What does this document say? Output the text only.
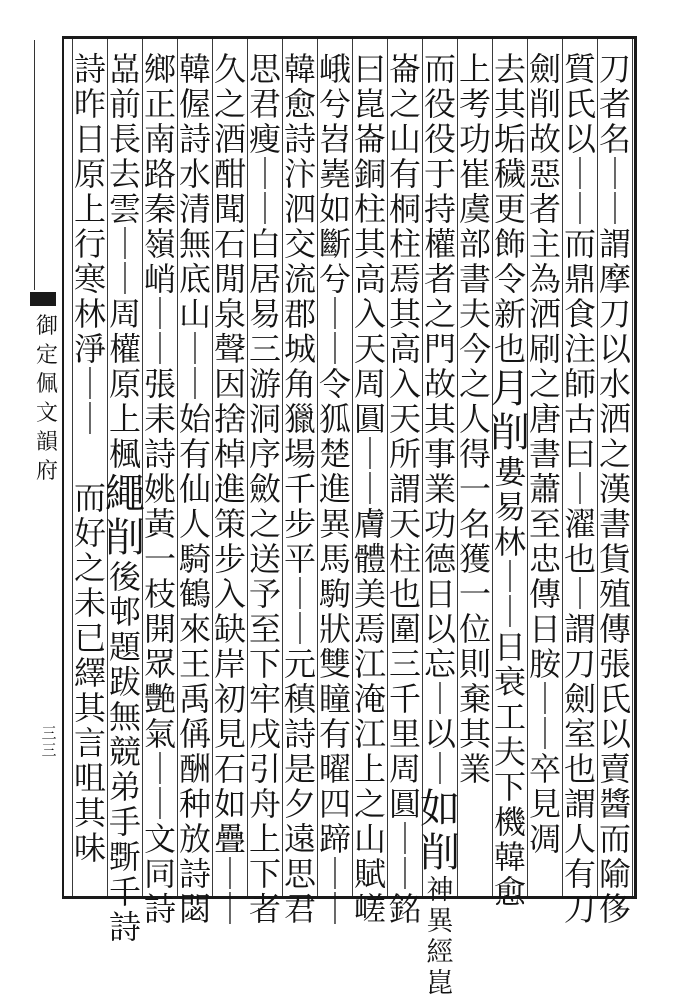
御
定
佩
文
韻
府
三
三
刀
者
名
｜
｜
謂
摩
刀
以
水
洒
之
漢
書
貨
殖
傳
張
氏
以
賣
醬
而
隃
侈
質
氏
以
｜
｜
而
鼎
食
注
師
古
曰
｜
濯
也
｜
謂
刀
劍
室
也
謂
人
有
刀
劍
削
故
惡
者
主
為
洒
刷
之
唐
書
蕭
至
忠
傳
日
胺
｜
｜
卒
見
凋
去
其
垢
穢
更
飾
令
新
也
月
削
婁
易
林
｜
｜
日
衰
工
夫
下
機
韓
愈
上
考
功
崔
虞
部
書
夫
今
之
人
得
一
名
獲
一
位
則
棄
其
業
而
役
役
于
持
權
者
之
門
故
其
事
業
功
德
日
以
忘
｜
以
｜
如
削
神
異
經
崑
崙
之
山
有
桐
柱
焉
其
高
入
天
所
謂
天
柱
也
圍
三
千
里
周
圓
｜
｜
銘
曰
崑
崙
銅
柱
其
高
入
天
周
圓
｜
｜
膚
體
美
焉
江
淹
江
上
之
山
賦
嵯
峨
兮
岧
嶤
如
斷
兮
｜
｜
令
狐
楚
進
異
馬
駒
狀
雙
瞳
有
曜
四
蹄
｜
｜
韓
愈
詩
汴
泗
交
流
郡
城
角
獵
場
千
步
平
｜
｜
元
稹
詩
是
夕
遠
思
君
思
君
瘦
｜
｜
白
居
易
三
游
洞
序
斂
之
送
予
至
下
牢
戌
引
舟
上
下
者
久
之
酒
酣
聞
石
閒
泉
聲
因
捨
棹
進
策
步
入
缺
岸
初
見
石
如
疊
｜
｜
韓
偓
詩
水
清
無
底
山
｜
｜
始
有
仙
人
騎
鶴
來
王
禹
偁
酬
种
放
詩
閟
鄉
正
南
路
秦
嶺
峭
｜
｜
張
耒
詩
姚
黃
一
枝
開
眾
艷
氣
｜
｜
文
同
詩
嵓
前
長
去
雲
｜
｜
周
權
原
上
楓
繩
削
後
邨
題
跋
無
競
弟
手
斲
千
詩
詩
昨
日
原
上
行
寒
林
淨
｜
｜
而
好
之
未
已
繹
其
言
咀
其
味
